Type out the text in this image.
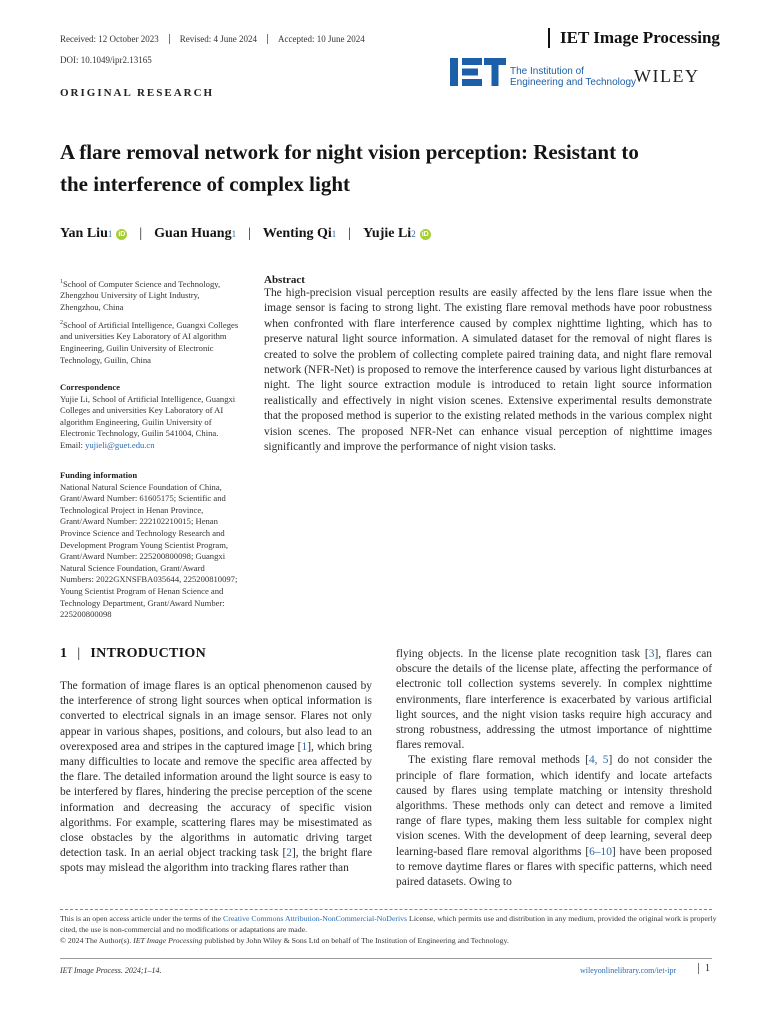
Received: 12 October 2023	Revised: 4 June 2024	Accepted: 10 June 2024
DOI: 10.1049/ipr2.13165
IET Image Processing
The Institution of
Engineering and Technology
WILEY
ORIGINAL RESEARCH
A flare removal network for night vision perception: Resistant to
the interference of complex light
Yan Liu 1 iD | Guan Huang 1 | Wenting Qi 1 | Yujie Li 2 iD

$^1$School of Computer Science and Technology, Zhengzhou University of Light Industry, Zhengzhou, China

$^2$School of Artificial Intelligence, Guangxi Colleges and universities Key Laboratory of AI algorithm Engineering, Guilin University of Electronic Technology, Guilin, China

Correspondence

Yujie Li, School of Artificial Intelligence, Guangxi Colleges and universities Key Laboratory of AI algorithm Engineering, Guilin University of Electronic Technology, Guilin 541004, China.
Email: yujieli@guet.edu.cn

Funding information

National Natural Science Foundation of China, Grant/Award Number: 61605175; Scientific and Technological Project in Henan Province, Grant/Award Number: 222102210015; Henan Province Science and Technology Research and Development Program Young Scientist Program, Grant/Award Number: 225200800098; Guangxi Natural Science Foundation, Grant/Award Numbers: 2022GXNSFBA035644, 225200810097; Young Scientist Program of Henan Science and Technology Department, Grant/Award Number: 225200800098

Abstract

The high-precision visual perception results are easily affected by the lens flare issue when the image sensor is facing to strong light. The existing flare removal methods have poor robustness when confronted with flare interference caused by complex nighttime lighting, which has to preserve natural light source information. A simulated dataset for the removal of night flares is created to solve the problem of collecting complete paired training data, and night flare removal network (NFR-Net) is proposed to remove the interference caused by various light disturbances at night. The light source extraction module is introduced to retain light source information realistically and effectively in night vision scenes. Extensive experimental results demonstrate that the proposed method is superior to the existing related methods in the various complex night vision scenes. The proposed NFR-Net can enhance visual perception of nighttime images significantly and improve the performance of night vision tasks.

1 | INTRODUCTION

The formation of image flares is an optical phenomenon caused by the interference of strong light sources when optical information is converted to electrical signals in an image sensor. Flares not only appear in various shapes, positions, and colours, but also lead to an overexposed area and stripes in the captured image [1], which bring many difficulties to locate and remove the specific area affected by the flare. The detailed information around the light source is easy to be interfered by flares, hindering the precise perception of the scene information and decreasing the accuracy of specific vision algorithms. For example, scattering flares may be misestimated as close obstacles by the algorithms in automatic driving target detection task. In an aerial object tracking task [2], the bright flare spots may mislead the algorithm into tracking flares rather than

flying objects. In the license plate recognition task [3], flares can obscure the details of the license plate, affecting the performance of electronic toll collection systems severely. In complex nighttime environments, flare interference is exacerbated by various artificial light sources, and the night vision tasks require high accuracy and strong robustness, addressing the utmost importance of nighttime flares removal.

The existing flare removal methods [4, 5] do not consider the principle of flare formation, which identify and locate artefacts caused by flares using template matching or intensity threshold algorithms. These methods only can detect and remove a limited range of flare types, making them less suitable for complex night vision scenes. With the development of deep learning, several deep learning-based flare removal algorithms [6–10] have been proposed to remove daytime flares or flares with specific patterns, which need paired datasets. Owing to

This is an open access article under the terms of the Creative Commons Attribution-NonCommercial-NoDerivs License, which permits use and distribution in any medium, provided the original work is properly cited, the use is non-commercial and no modifications or adaptations are made.

© 2024 The Author(s). IET Image Processing published by John Wiley & Sons Ltd on behalf of The Institution of Engineering and Technology.

IET Image Process. 2024;1–14.	wileyonlinelibrary.com/iet-ipr	1
